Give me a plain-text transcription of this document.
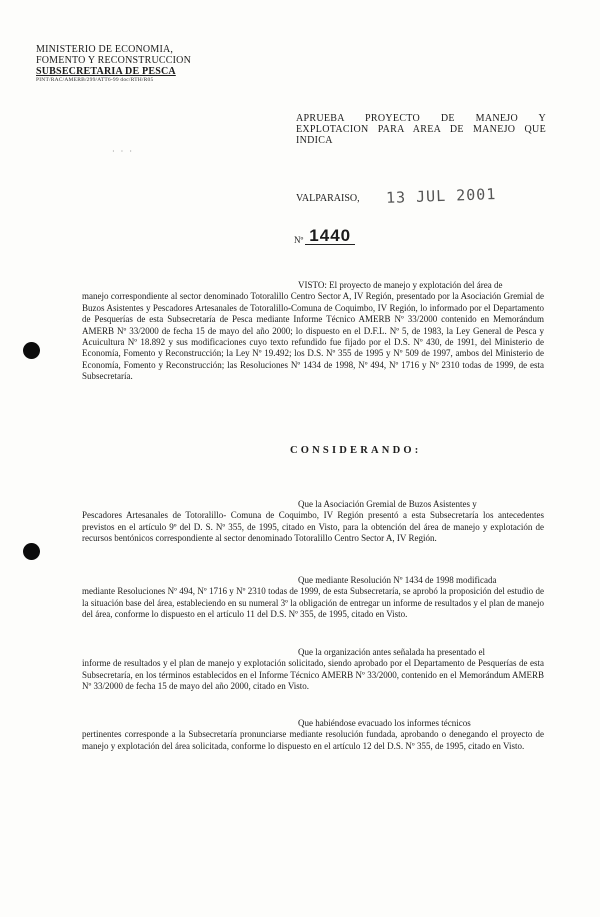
MINISTERIO DE ECONOMIA,
FOMENTO Y RECONSTRUCCION
SUBSECRETARIA DE PESCA
PINT/RAC/AMERB/299/ATT6-99 doc/RTH/R05
· · ·
APRUEBA PROYECTO DE MANEJO Y EXPLOTACION PARA AREA DE MANEJO QUE INDICA
VALPARAISO, 13 JUL 2001
Nº 1440
VISTO: El proyecto de manejo y explotación del área de
manejo correspondiente al sector denominado Totoralillo Centro Sector A, IV Región, presentado por la Asociación Gremial de Buzos Asistentes y Pescadores Artesanales de Totoralillo-Comuna de Coquimbo, IV Región, lo informado por el Departamento de Pesquerías de esta Subsecretaría de Pesca mediante Informe Técnico AMERB Nº 33/2000 contenido en Memorándum AMERB Nº 33/2000 de fecha 15 de mayo del año 2000; lo dispuesto en el D.F.L. Nº 5, de 1983, la Ley General de Pesca y Acuicultura Nº 18.892 y sus modificaciones cuyo texto refundido fue fijado por el D.S. Nº 430, de 1991, del Ministerio de Economía, Fomento y Reconstrucción; la Ley Nº 19.492; los D.S. Nº 355 de 1995 y Nº 509 de 1997, ambos del Ministerio de Economía, Fomento y Reconstrucción; las Resoluciones Nº 1434 de 1998, Nº 494, Nº 1716 y Nº 2310 todas de 1999, de esta Subsecretaría.
CONSIDERANDO:
Que la Asociación Gremial de Buzos Asistentes y
Pescadores Artesanales de Totoralillo- Comuna de Coquimbo, IV Región presentó a esta Subsecretaría los antecedentes previstos en el artículo 9º del D. S. Nº 355, de 1995, citado en Visto, para la obtención del área de manejo y explotación de recursos bentónicos correspondiente al sector denominado Totoralillo Centro Sector A, IV Región.
Que mediante Resolución Nº 1434 de 1998 modificada
mediante Resoluciones Nº 494, Nº 1716 y Nº 2310 todas de 1999, de esta Subsecretaría, se aprobó la proposición del estudio de la situación base del área, estableciendo en su numeral 3º la obligación de entregar un informe de resultados y el plan de manejo del área, conforme lo dispuesto en el artículo 11 del D.S. Nº 355, de 1995, citado en Visto.
Que la organización antes señalada ha presentado el
informe de resultados y el plan de manejo y explotación solicitado, siendo aprobado por el Departamento de Pesquerías de esta Subsecretaría, en los términos establecidos en el Informe Técnico AMERB Nº 33/2000, contenido en el Memorándum AMERB Nº 33/2000 de fecha 15 de mayo del año 2000, citado en Visto.
Que habiéndose evacuado los informes técnicos
pertinentes corresponde a la Subsecretaría pronunciarse mediante resolución fundada, aprobando o denegando el proyecto de manejo y explotación del área solicitada, conforme lo dispuesto en el artículo 12 del D.S. Nº 355, de 1995, citado en Visto.
